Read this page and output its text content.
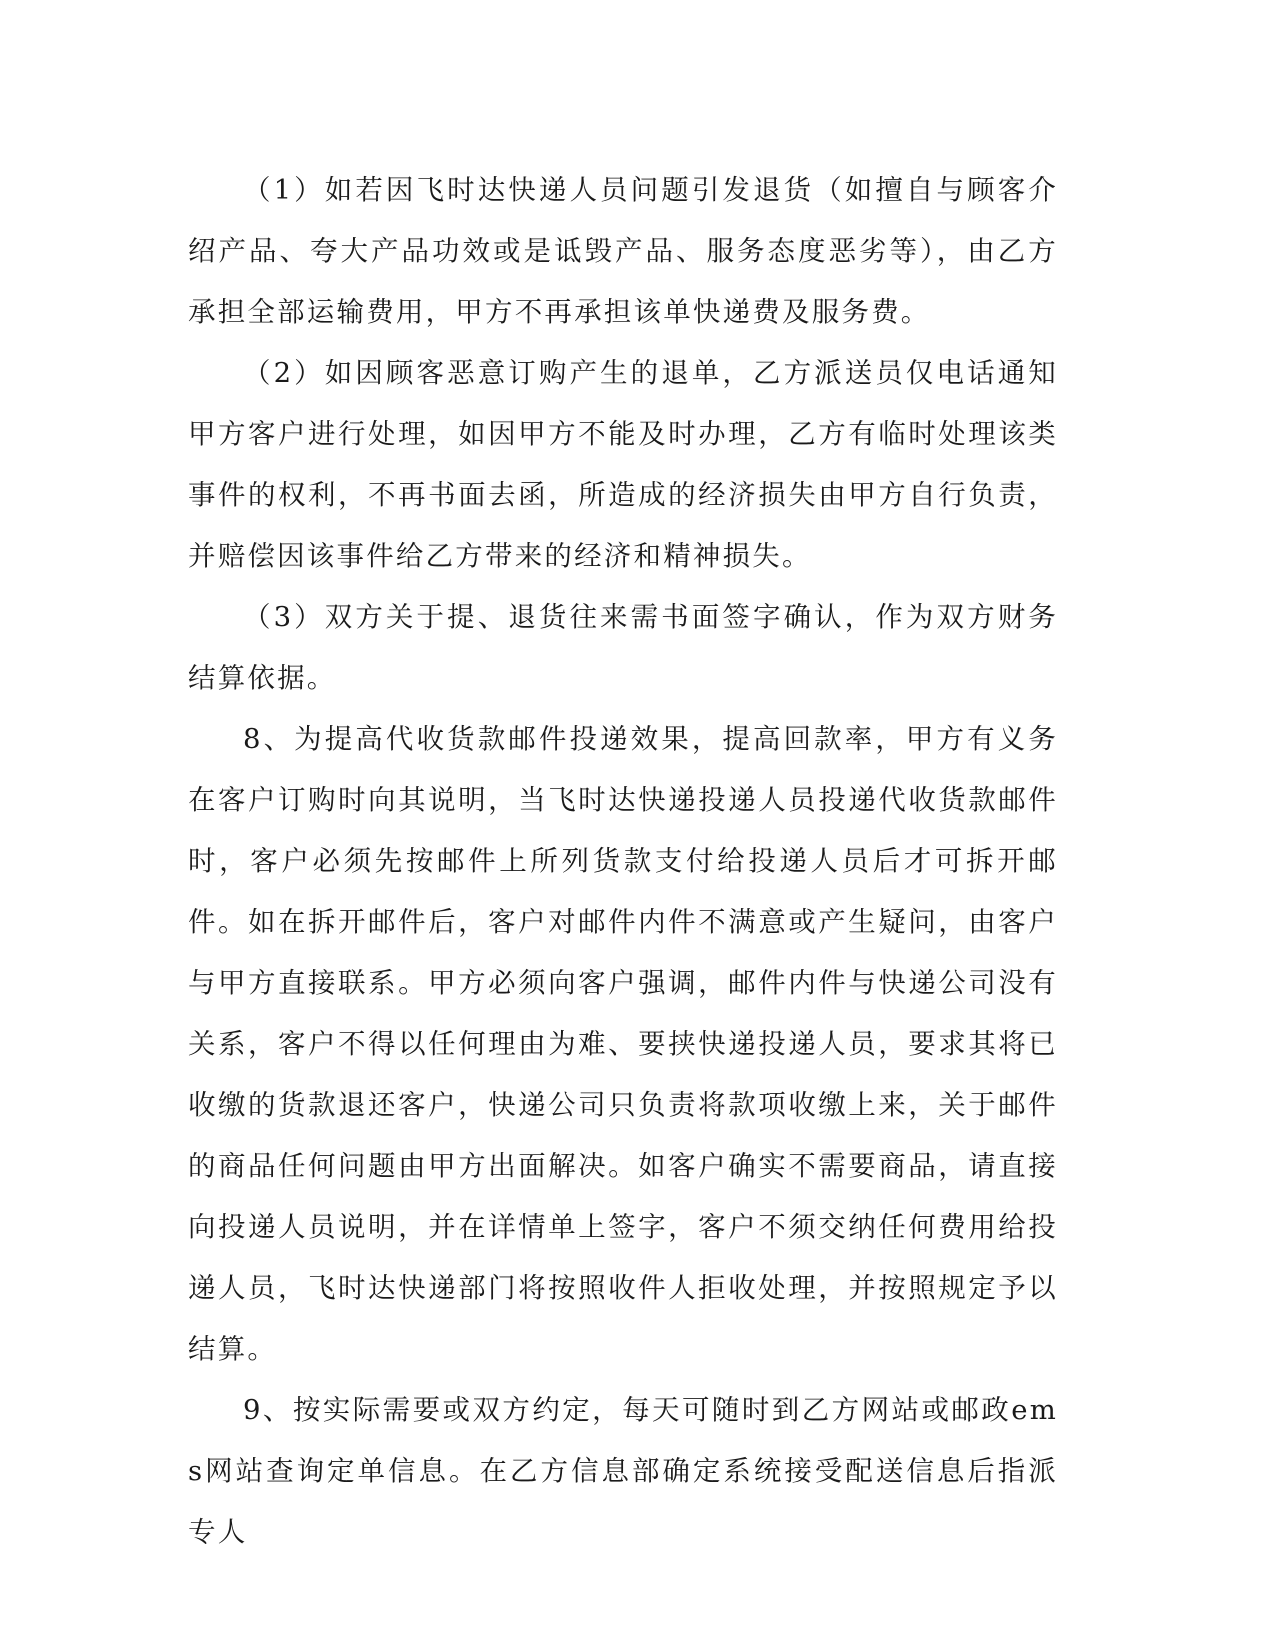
（1）如若因飞时达快递人员问题引发退货（如擅自与顾客介绍产品、夸大产品功效或是诋毁产品、服务态度恶劣等），由乙方承担全部运输费用，甲方不再承担该单快递费及服务费。

（2）如因顾客恶意订购产生的退单，乙方派送员仅电话通知甲方客户进行处理，如因甲方不能及时办理，乙方有临时处理该类事件的权利，不再书面去函，所造成的经济损失由甲方自行负责，并赔偿因该事件给乙方带来的经济和精神损失。

（3）双方关于提、退货往来需书面签字确认，作为双方财务结算依据。

8、为提高代收货款邮件投递效果，提高回款率，甲方有义务在客户订购时向其说明，当飞时达快递投递人员投递代收货款邮件时，客户必须先按邮件上所列货款支付给投递人员后才可拆开邮件。如在拆开邮件后，客户对邮件内件不满意或产生疑问，由客户与甲方直接联系。甲方必须向客户强调，邮件内件与快递公司没有关系，客户不得以任何理由为难、要挟快递投递人员，要求其将已收缴的货款退还客户，快递公司只负责将款项收缴上来，关于邮件的商品任何问题由甲方出面解决。如客户确实不需要商品，请直接向投递人员说明，并在详情单上签字，客户不须交纳任何费用给投递人员，飞时达快递部门将按照收件人拒收处理，并按照规定予以结算。

9、按实际需要或双方约定，每天可随时到乙方网站或邮政ems网站查询定单信息。在乙方信息部确定系统接受配送信息后指派专人
